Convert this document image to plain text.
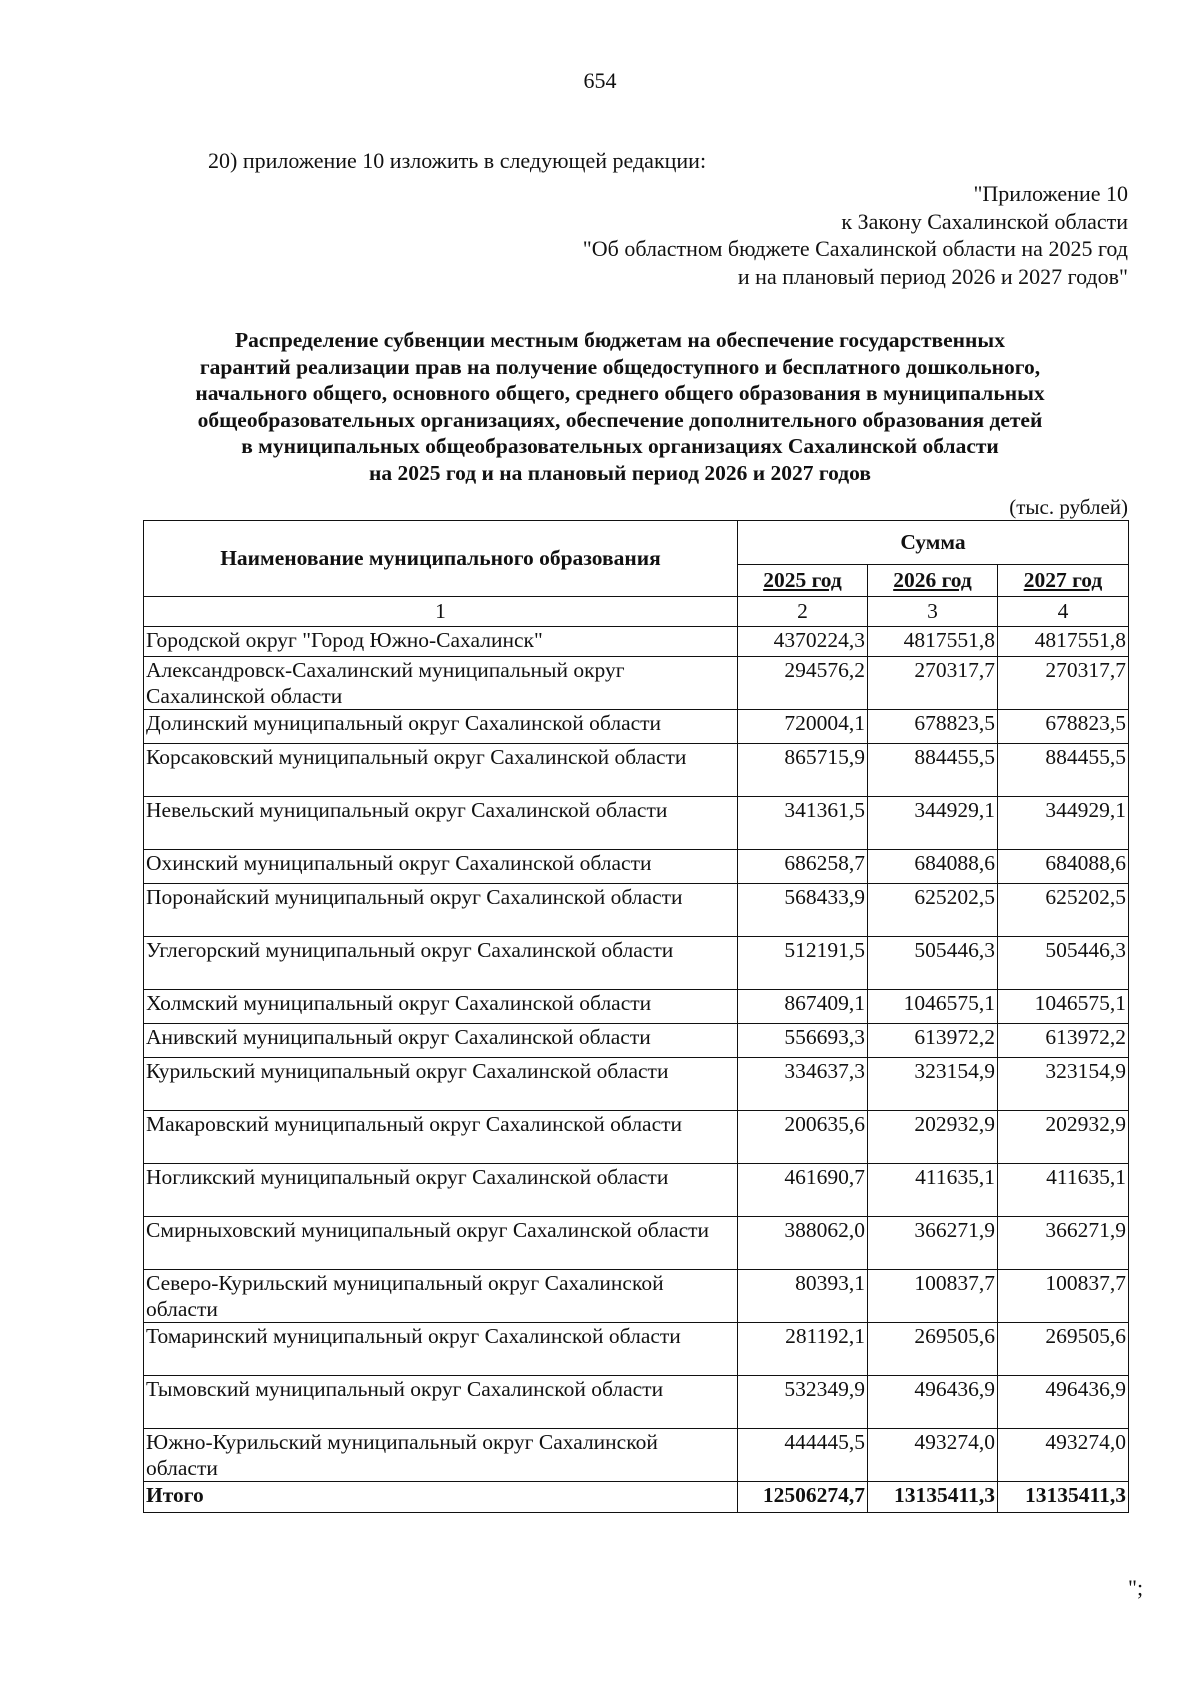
654
20) приложение 10 изложить в следующей редакции:
"Приложение 10
к Закону Сахалинской области
"Об областном бюджете Сахалинской области на 2025 год
и на плановый период 2026 и 2027 годов"
Распределение субвенции местным бюджетам на обеспечение государственных
гарантий реализации прав на получение общедоступного и бесплатного дошкольного,
начального общего, основного общего, среднего общего образования в муниципальных
общеобразовательных организациях, обеспечение дополнительного образования детей
в муниципальных общеобразовательных организациях Сахалинской области
на 2025 год и на плановый период 2026 и 2027 годов
(тыс. рублей)
Наименование муниципального образования	Сумма		
	2025 год	2026 год	2027 год
1	2	3	4
Городской округ "Город Южно-Сахалинск"	4370224,3	4817551,8	4817551,8
Александровск-Сахалинский муниципальный округ Сахалинской области	294576,2	270317,7	270317,7
Долинский муниципальный округ Сахалинской области	720004,1	678823,5	678823,5
Корсаковский муниципальный округ Сахалинской области	865715,9	884455,5	884455,5
Невельский муниципальный округ Сахалинской области	341361,5	344929,1	344929,1
Охинский муниципальный округ Сахалинской области	686258,7	684088,6	684088,6
Поронайский муниципальный округ Сахалинской области	568433,9	625202,5	625202,5
Углегорский муниципальный округ Сахалинской области	512191,5	505446,3	505446,3
Холмский муниципальный округ Сахалинской области	867409,1	1046575,1	1046575,1
Анивский муниципальный округ Сахалинской области	556693,3	613972,2	613972,2
Курильский муниципальный округ Сахалинской области	334637,3	323154,9	323154,9
Макаровский муниципальный округ Сахалинской области	200635,6	202932,9	202932,9
Ногликский муниципальный округ Сахалинской области	461690,7	411635,1	411635,1
Смирныховский муниципальный округ Сахалинской области	388062,0	366271,9	366271,9
Северо-Курильский муниципальный округ Сахалинской области	80393,1	100837,7	100837,7
Томаринский муниципальный округ Сахалинской области	281192,1	269505,6	269505,6
Тымовский муниципальный округ Сахалинской области	532349,9	496436,9	496436,9
Южно-Курильский муниципальный округ Сахалинской области	444445,5	493274,0	493274,0
Итого	12506274,7	13135411,3	13135411,3
";
